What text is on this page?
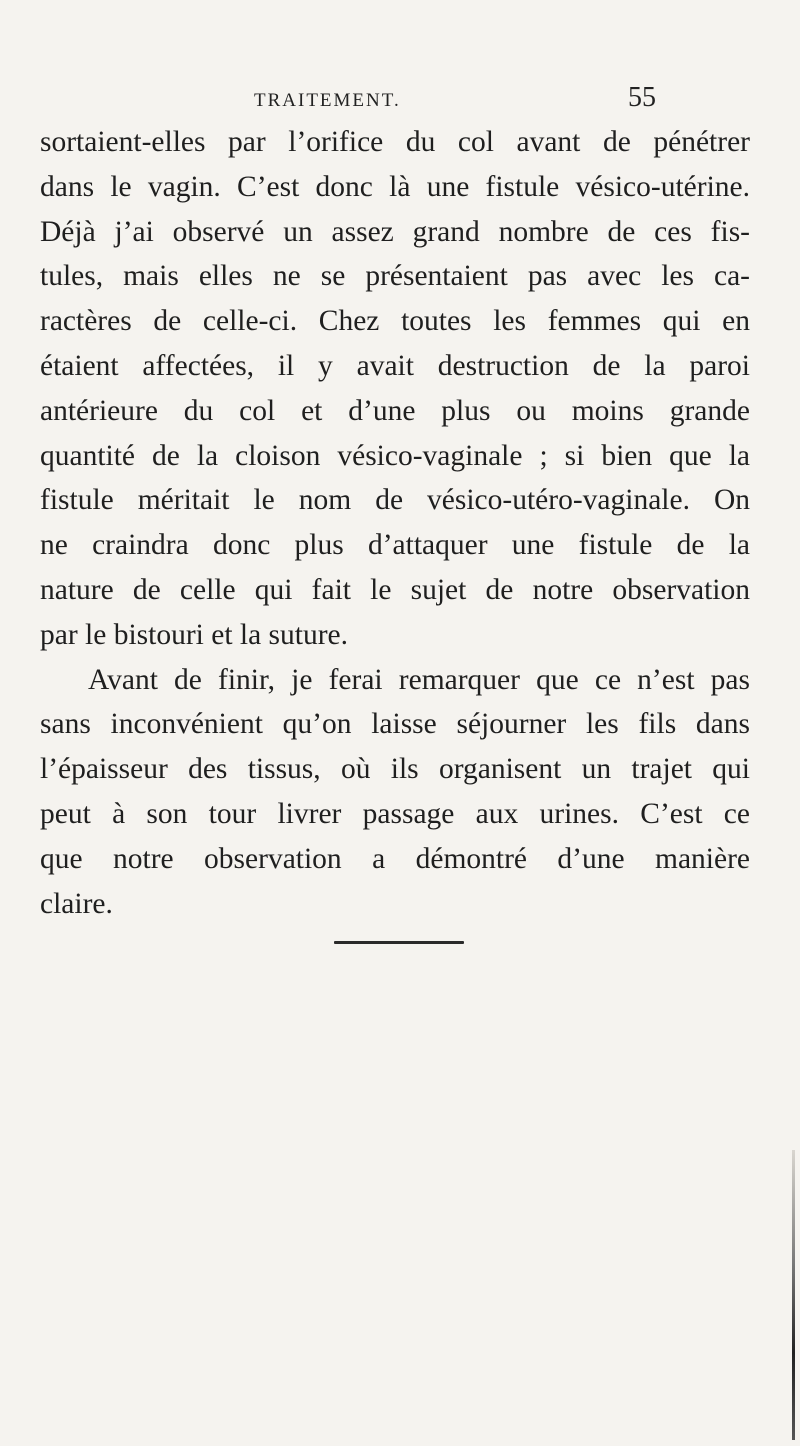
TRAITEMENT.	55
sortaient-elles par l’orifice du col avant de pénétrer
dans le vagin. C’est donc là une fistule vésico-utérine.
Déjà j’ai observé un assez grand nombre de ces fis-
tules, mais elles ne se présentaient pas avec les ca-
ractères de celle-ci. Chez toutes les femmes qui en
étaient affectées, il y avait destruction de la paroi
antérieure du col et d’une plus ou moins grande
quantité de la cloison vésico-vaginale ; si bien que la
fistule méritait le nom de vésico-utéro-vaginale. On
ne craindra donc plus d’attaquer une fistule de la
nature de celle qui fait le sujet de notre observation
par le bistouri et la suture.
Avant de finir, je ferai remarquer que ce n’est pas
sans inconvénient qu’on laisse séjourner les fils dans
l’épaisseur des tissus, où ils organisent un trajet qui
peut à son tour livrer passage aux urines. C’est ce
que notre observation a démontré d’une manière
claire.
